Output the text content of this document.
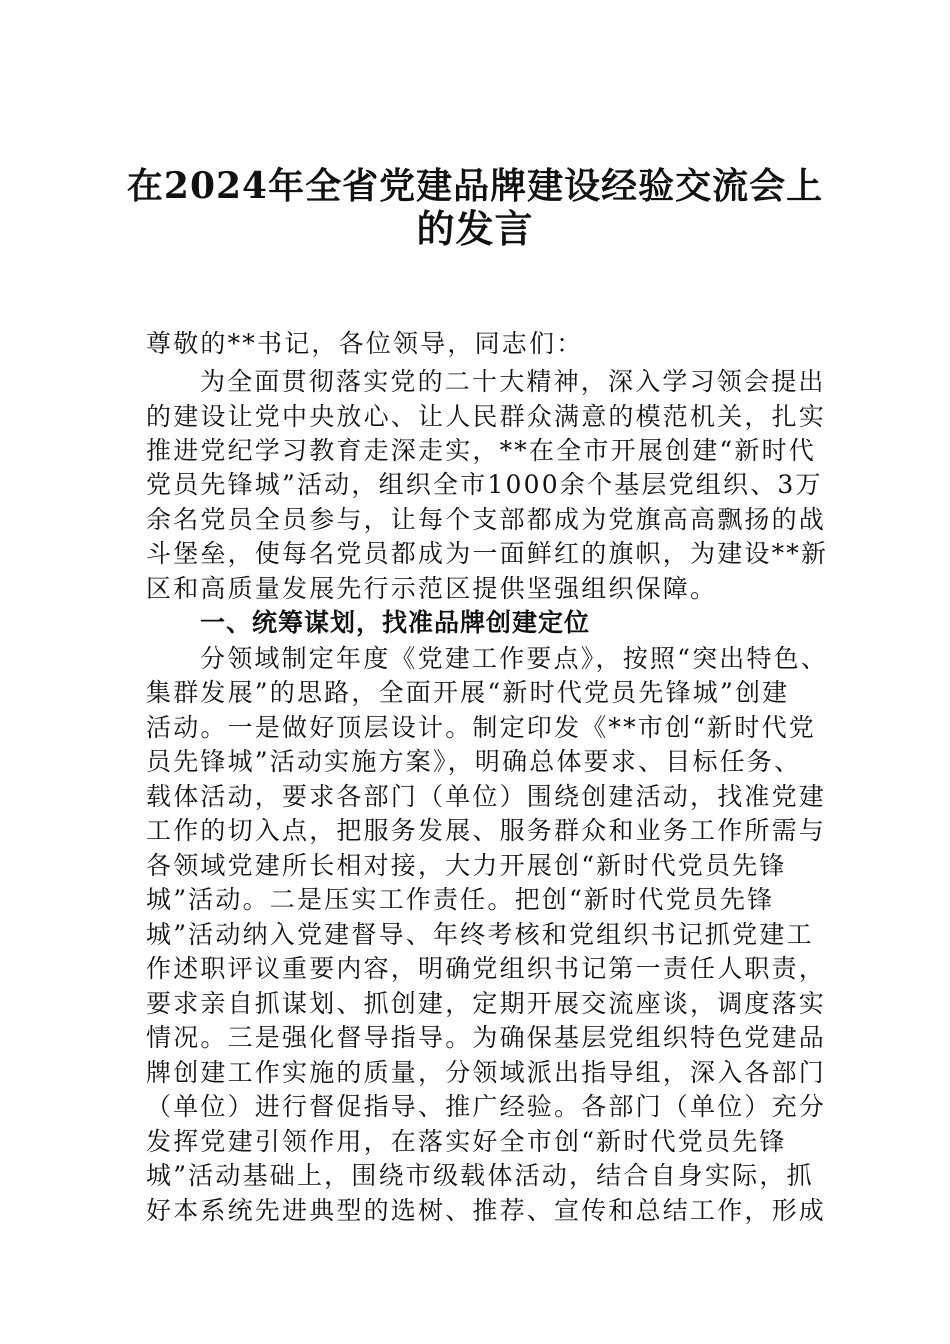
在2024年全省党建品牌建设经验交流会上
的发言
尊敬的**书记，各位领导，同志们：
为全面贯彻落实党的二十大精神，深入学习领会提出
的建设让党中央放心、让人民群众满意的模范机关，扎实
推进党纪学习教育走深走实，**在全市开展创建“新时代
党员先锋城”活动，组织全市1000余个基层党组织、3万
余名党员全员参与，让每个支部都成为党旗高高飘扬的战
斗堡垒，使每名党员都成为一面鲜红的旗帜，为建设**新
区和高质量发展先行示范区提供坚强组织保障。
一、统筹谋划，找准品牌创建定位
分领域制定年度《党建工作要点》，按照“突出特色、
集群发展”的思路，全面开展“新时代党员先锋城”创建
活动。一是做好顶层设计。制定印发《**市创“新时代党
员先锋城”活动实施方案》，明确总体要求、目标任务、
载体活动，要求各部门（单位）围绕创建活动，找准党建
工作的切入点，把服务发展、服务群众和业务工作所需与
各领域党建所长相对接，大力开展创“新时代党员先锋
城”活动。二是压实工作责任。把创“新时代党员先锋
城”活动纳入党建督导、年终考核和党组织书记抓党建工
作述职评议重要内容，明确党组织书记第一责任人职责，
要求亲自抓谋划、抓创建，定期开展交流座谈，调度落实
情况。三是强化督导指导。为确保基层党组织特色党建品
牌创建工作实施的质量，分领域派出指导组，深入各部门
（单位）进行督促指导、推广经验。各部门（单位）充分
发挥党建引领作用，在落实好全市创“新时代党员先锋
城”活动基础上，围绕市级载体活动，结合自身实际，抓
好本系统先进典型的选树、推荐、宣传和总结工作，形成
